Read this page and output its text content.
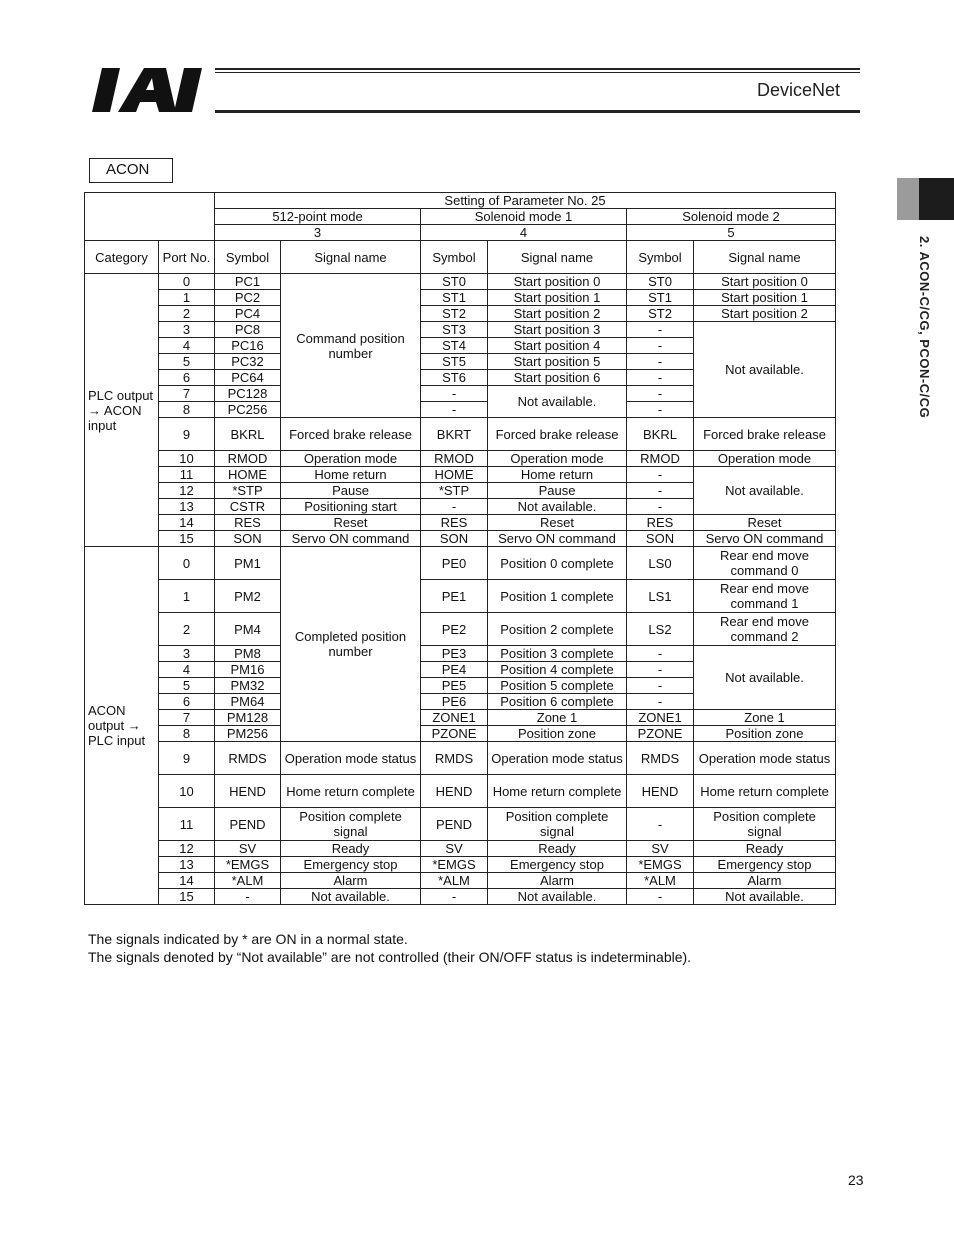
DeviceNet
2. ACON-C/CG, PCON-C/CG
ACON
		Setting of Parameter No. 25					
		512-point mode		Solenoid mode 1		Solenoid mode 2	
		3		4		5	
Category	Port No.	Symbol	Signal name	Symbol	Signal name	Symbol	Signal name
PLC output → ACON input	0	PC1	Command position number	ST0	Start position 0	ST0	Start position 0
	1	PC2		ST1	Start position 1	ST1	Start position 1
	2	PC4		ST2	Start position 2	ST2	Start position 2
	3	PC8		ST3	Start position 3	-	Not available.
	4	PC16		ST4	Start position 4	-	
	5	PC32		ST5	Start position 5	-	
	6	PC64		ST6	Start position 6	-	
	7	PC128		-	Not available.	-	
	8	PC256		-		-	
	9	BKRL	Forced brake release	BKRT	Forced brake release	BKRL	Forced brake release
	10	RMOD	Operation mode	RMOD	Operation mode	RMOD	Operation mode
	11	HOME	Home return	HOME	Home return	-	Not available.
	12	*STP	Pause	*STP	Pause	-	
	13	CSTR	Positioning start	-	Not available.	-	
	14	RES	Reset	RES	Reset	RES	Reset
	15	SON	Servo ON command	SON	Servo ON command	SON	Servo ON command
ACON output → PLC input	0	PM1	Completed position number	PE0	Position 0 complete	LS0	Rear end move command 0
	1	PM2		PE1	Position 1 complete	LS1	Rear end move command 1
	2	PM4		PE2	Position 2 complete	LS2	Rear end move command 2
	3	PM8		PE3	Position 3 complete	-	Not available.
	4	PM16		PE4	Position 4 complete	-	
	5	PM32		PE5	Position 5 complete	-	
	6	PM64		PE6	Position 6 complete	-	
	7	PM128		ZONE1	Zone 1	ZONE1	Zone 1
	8	PM256		PZONE	Position zone	PZONE	Position zone
	9	RMDS	Operation mode status	RMDS	Operation mode status	RMDS	Operation mode status
	10	HEND	Home return complete	HEND	Home return complete	HEND	Home return complete
	11	PEND	Position complete signal	PEND	Position complete signal	-	Position complete signal
	12	SV	Ready	SV	Ready	SV	Ready
	13	*EMGS	Emergency stop	*EMGS	Emergency stop	*EMGS	Emergency stop
	14	*ALM	Alarm	*ALM	Alarm	*ALM	Alarm
	15	-	Not available.	-	Not available.	-	Not available.
The signals indicated by * are ON in a normal state.
The signals denoted by “Not available” are not controlled (their ON/OFF status is indeterminable).
23
